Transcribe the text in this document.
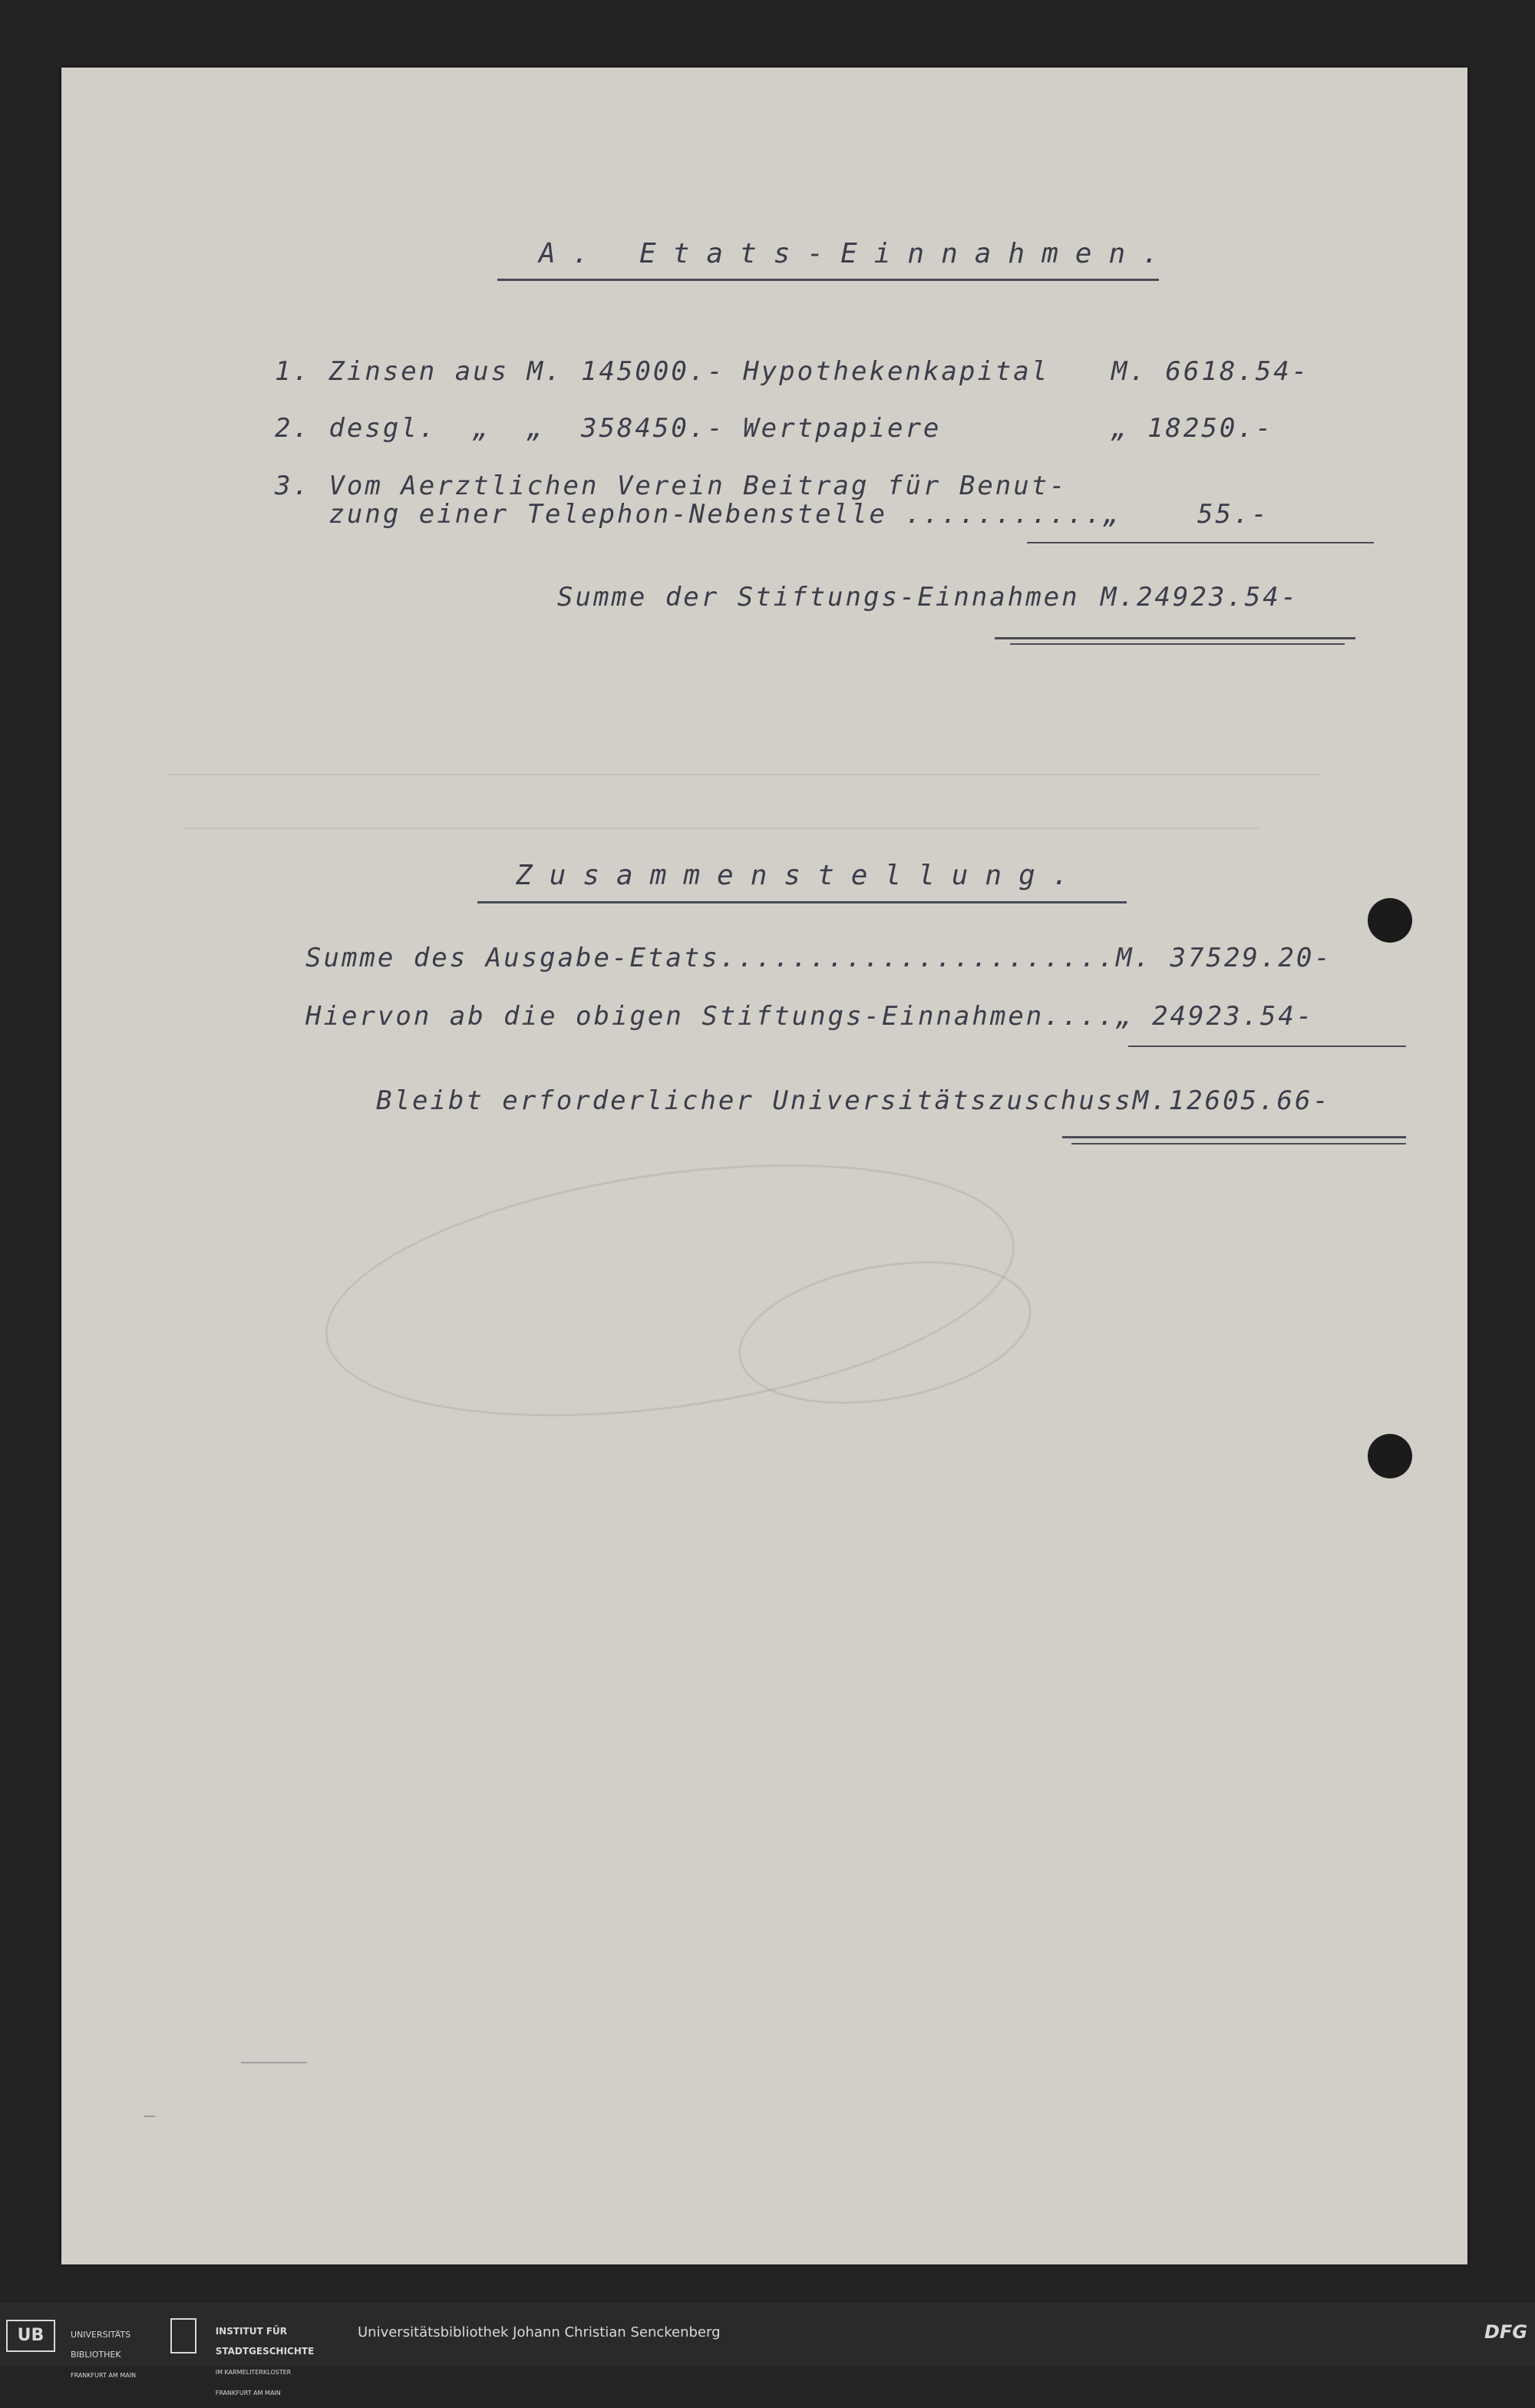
A. Etats-Einnahmen.
1. Zinsen aus M. 145000.- Hypothekenkapital M. 6618.54-
2. desgl.  „  „  358450.- Wertpapiere	„ 18250.-
3. Vom Aerztlichen Verein Beitrag für Benut-
zung einer Telephon-Nebenstelle ...........„	55.-
Summe der Stiftungs-Einnahmen M.24923.54-
Zusammenstellung.
Summe des Ausgabe-Etats......................M. 37529.20-
Hiervon ab die obigen Stiftungs-Einnahmen....„ 24923.54-
Bleibt erforderlicher UniversitätszuschussM.12605.66-
UB	UNIVERSITÄTS

BIBLIOTHEK

FRANKFURT AM MAIN

INSTITUT FÜR

STADTGESCHICHTE

IM KARMELITERKLOSTER

FRANKFURT AM MAIN

Universitätsbibliothek Johann Christian Senckenberg	DFG
